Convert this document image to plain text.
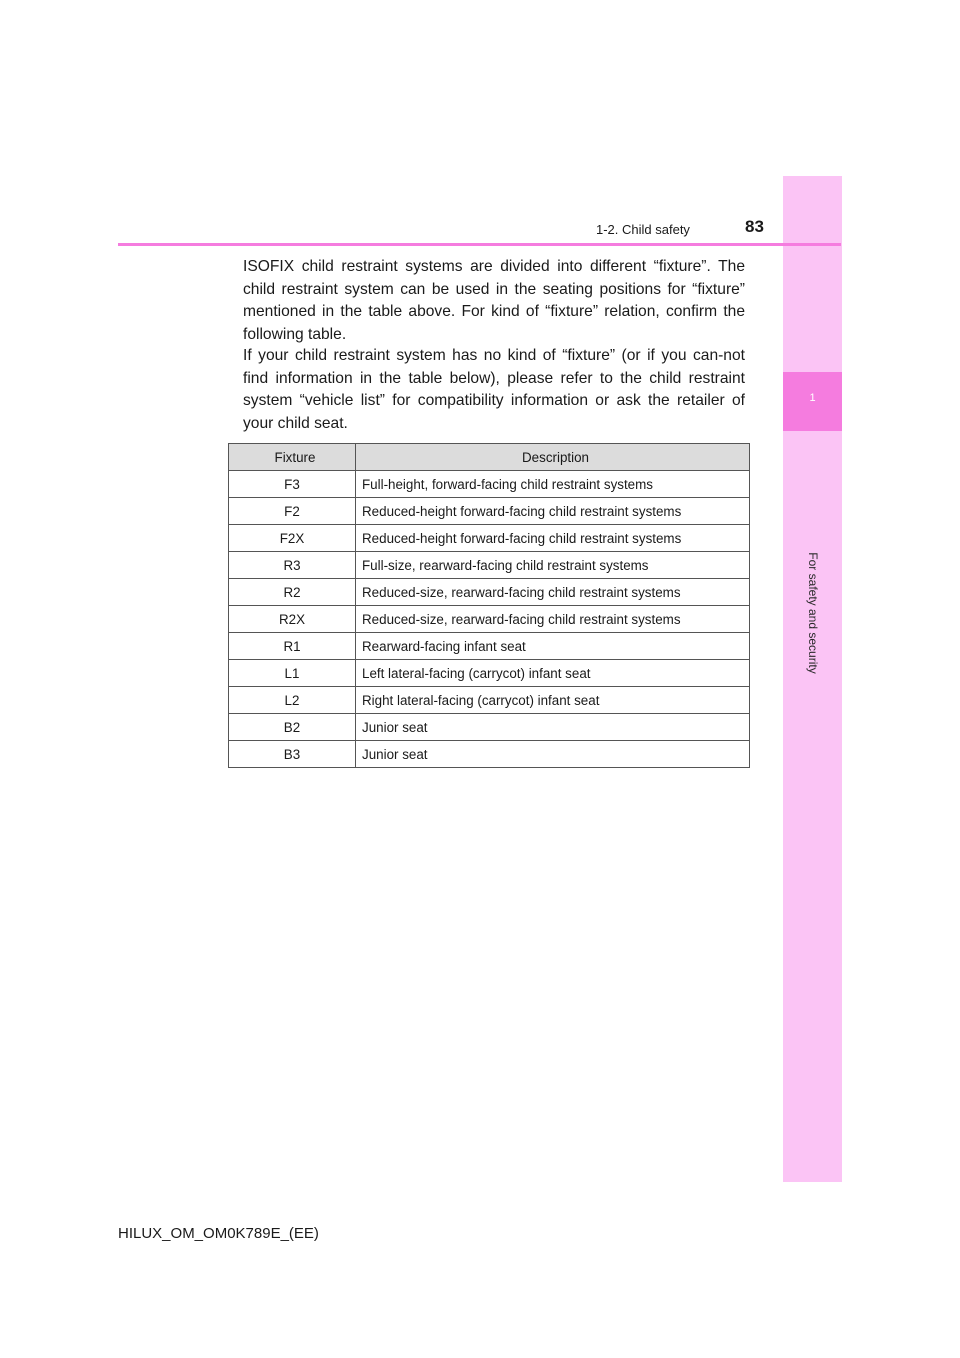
1
For safety and security
1-2. Child safety	83

ISOFIX child restraint systems are divided into different “fixture”. The child restraint system can be used in the seating positions for “fixture” mentioned in the table above. For kind of “fixture” relation, confirm the following table.

If your child restraint system has no kind of “fixture” (or if you can-not find information in the table below), please refer to the child restraint system “vehicle list” for compatibility information or ask the retailer of your child seat.

Fixture	Description
F3	Full-height, forward-facing child restraint systems
F2	Reduced-height forward-facing child restraint systems
F2X	Reduced-height forward-facing child restraint systems
R3	Full-size, rearward-facing child restraint systems
R2	Reduced-size, rearward-facing child restraint systems
R2X	Reduced-size, rearward-facing child restraint systems
R1	Rearward-facing infant seat
L1	Left lateral-facing (carrycot) infant seat
L2	Right lateral-facing (carrycot) infant seat
B2	Junior seat
B3	Junior seat
HILUX_OM_OM0K789E_(EE)
